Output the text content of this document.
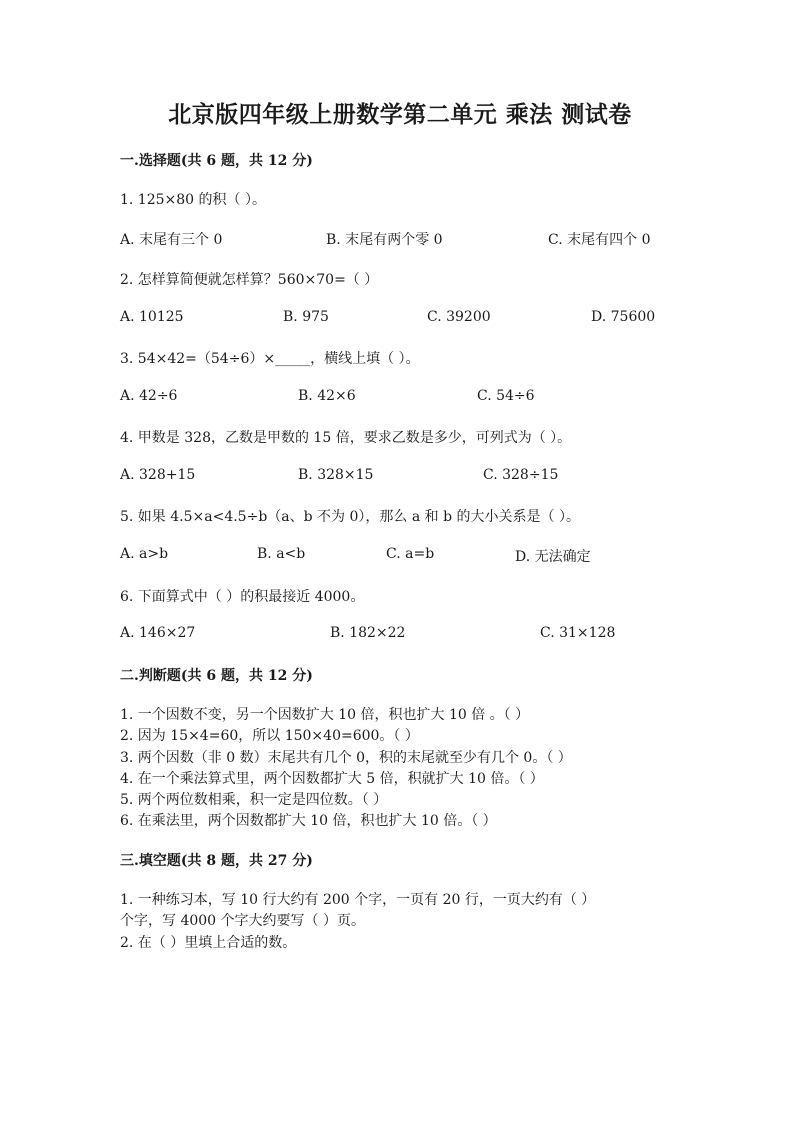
北京版四年级上册数学第二单元 乘法 测试卷
一.选择题(共 6 题，共 12 分)
1. 125×80 的积（ ）。
A. 末尾有三个 0	B. 末尾有两个零 0	C. 末尾有四个 0
2. 怎样算简便就怎样算？560×70=（ ）
A. 10125	B. 975	C. 39200	D. 75600
3. 54×42=（54÷6）×_____，横线上填（ ）。
A. 42÷6	B. 42×6	C. 54÷6
4. 甲数是 328，乙数是甲数的 15 倍，要求乙数是多少，可列式为（ ）。
A. 328+15	B. 328×15	C. 328÷15
5. 如果 4.5×a<4.5÷b（a、b 不为 0），那么 a 和 b 的大小关系是（ ）。
A. a>b	B. a<b	C. a=b	D. 无法确定
6. 下面算式中（ ）的积最接近 4000。
A. 146×27	B. 182×22	C. 31×128
二.判断题(共 6 题，共 12 分)
1. 一个因数不变，另一个因数扩大 10 倍，积也扩大 10 倍 。（ ）
2. 因为 15×4=60，所以 150×40=600。（ ）
3. 两个因数（非 0 数）末尾共有几个 0，积的末尾就至少有几个 0。（ ）
4. 在一个乘法算式里，两个因数都扩大 5 倍，积就扩大 10 倍。（ ）
5. 两个两位数相乘，积一定是四位数。（ ）
6. 在乘法里，两个因数都扩大 10 倍，积也扩大 10 倍。（ ）
三.填空题(共 8 题，共 27 分)
1. 一种练习本，写 10 行大约有 200 个字，一页有 20 行，一页大约有（ ）
个字，写 4000 个字大约要写（ ）页。
2. 在（ ）里填上合适的数。
